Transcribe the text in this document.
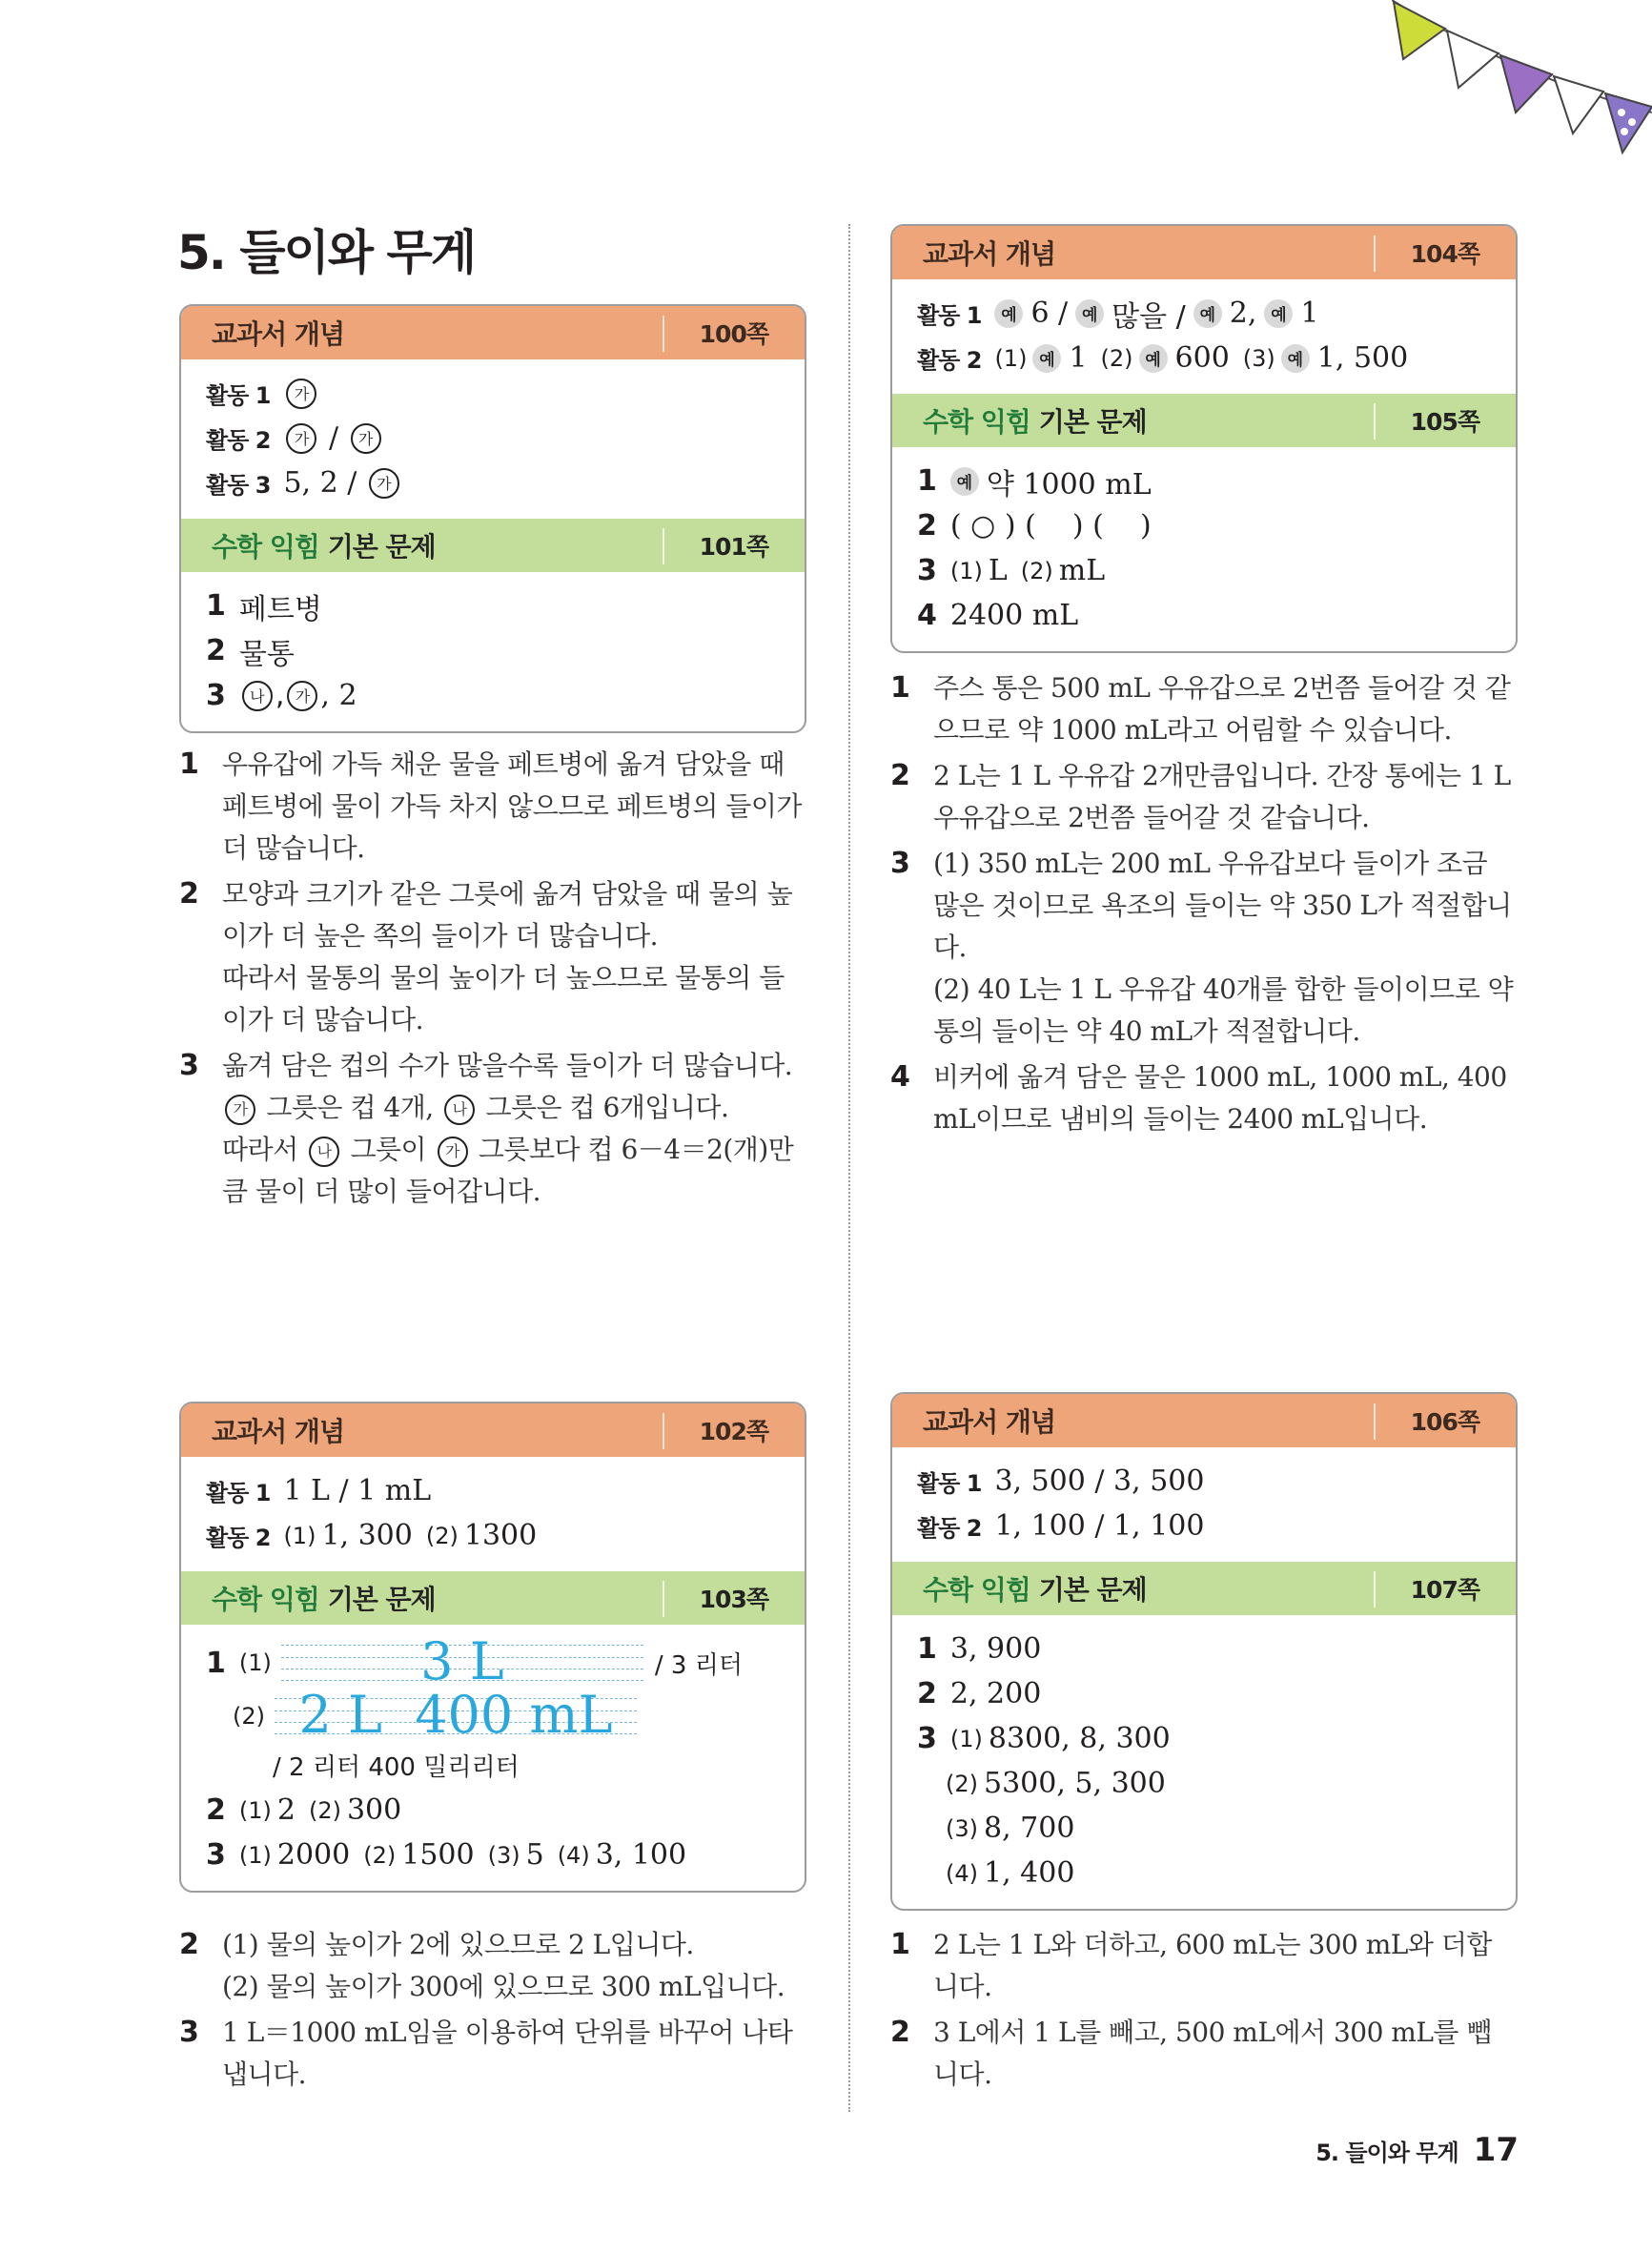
5. 들이와 무게
교과서 개념	100쪽
활동 1	가
활동 2	가 / 가
활동 3 5, 2 / 가
수학 익힘 기본 문제	101쪽
1 페트병
2 물통
3	나 , 가 , 2
1 우유갑에 가득 채운 물을 페트병에 옮겨 담았을 때 페트병에 물이 가득 차지 않으므로 페트병의 들이가 더 많습니다.

2 모양과 크기가 같은 그릇에 옮겨 담았을 때 물의 높이가 더 높은 쪽의 들이가 더 많습니다.

따라서 물통의 물의 높이가 더 높으므로 물통의 들이가 더 많습니다.

3 옮겨 담은 컵의 수가 많을수록 들이가 더 많습니다.

가 그릇은 컵 4개, 나 그릇은 컵 6개입니다.

따라서 나 그릇이 가 그릇보다 컵 6－4＝2(개)만큼 물이 더 많이 들어갑니다.

교과서 개념	104쪽
활동 1	예 6 / 예 많을 / 예 2, 예 1
활동 2 (1) 예 1 (2) 예 600 (3) 예 1, 500
수학 익힘 기본 문제	105쪽
1	예 약 1000 mL
2 ( ○ ) (    ) (    )
3 (1) L (2) mL
4 2400 mL
1 주스 통은 500 mL 우유갑으로 2번쯤 들어갈 것 같으므로 약 1000 mL라고 어림할 수 있습니다.

2 2 L는 1 L 우유갑 2개만큼입니다. 간장 통에는 1 L 우유갑으로 2번쯤 들어갈 것 같습니다.

3 (1) 350 mL는 200 mL 우유갑보다 들이가 조금 많은 것이므로 욕조의 들이는 약 350 L가 적절합니다.

(2) 40 L는 1 L 우유갑 40개를 합한 들이이므로 약통의 들이는 약 40 mL가 적절합니다.

4 비커에 옮겨 담은 물은 1000 mL, 1000 mL, 400 mL이므로 냄비의 들이는 2400 mL입니다.

교과서 개념	102쪽
활동 1 1 L / 1 mL
활동 2 (1) 1, 300 (2) 1300
수학 익힘 기본 문제	103쪽
1 (1)	3 L	/ 3 리터
(2) 2 L  400 mL
/ 2 리터 400 밀리리터
2 (1) 2 (2) 300
3 (1) 2000 (2) 1500 (3) 5 (4) 3, 100
2 (1) 물의 높이가 2에 있으므로 2 L입니다.

(2) 물의 높이가 300에 있으므로 300 mL입니다.

3 1 L＝1000 mL임을 이용하여 단위를 바꾸어 나타냅니다.

교과서 개념	106쪽
활동 1 3, 500 / 3, 500
활동 2 1, 100 / 1, 100
수학 익힘 기본 문제	107쪽
1 3, 900
2 2, 200
3 (1) 8300, 8, 300
(2) 5300, 5, 300
(3) 8, 700
(4) 1, 400
1 2 L는 1 L와 더하고, 600 mL는 300 mL와 더합니다.

2 3 L에서 1 L를 빼고, 500 mL에서 300 mL를 뺍니다.

5. 들이와 무게 17
